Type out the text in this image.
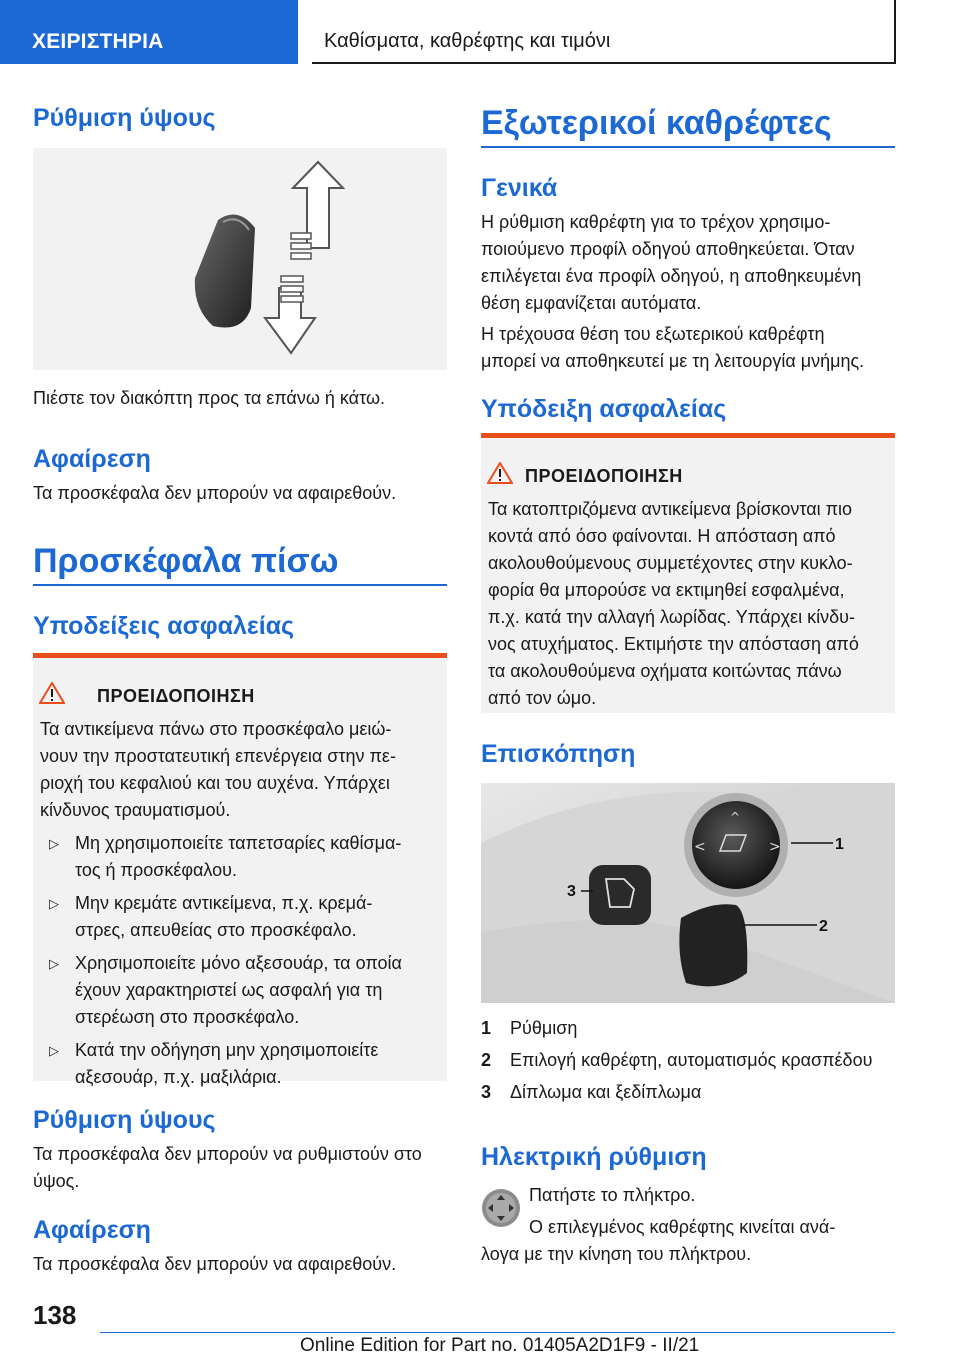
ΧΕΙΡΙΣΤΗΡΙΑ	Καθίσματα, καθρέφτης και τιμόνι
Ρύθμιση ύψους
Πιέστε τον διακόπτη προς τα επάνω ή κάτω.
Αφαίρεση
Τα προσκέφαλα δεν μπορούν να αφαιρεθούν.
Προσκέφαλα πίσω
Υποδείξεις ασφαλείας
ΠΡΟΕΙΔΟΠΟΙΗΣΗ
Τα αντικείμενα πάνω στο προσκέφαλο μειώ-
νουν την προστατευτική επενέργεια στην πε-
ριοχή του κεφαλιού και του αυχένα. Υπάρχει
κίνδυνος τραυματισμού.
▷ Μη χρησιμοποιείτε ταπετσαρίες καθίσμα-
τος ή προσκέφαλου.
▷ Μην κρεμάτε αντικείμενα, π.χ. κρεμά-
στρες, απευθείας στο προσκέφαλο.
▷ Χρησιμοποιείτε μόνο αξεσουάρ, τα οποία
έχουν χαρακτηριστεί ως ασφαλή για τη
στερέωση στο προσκέφαλο.
▷ Κατά την οδήγηση μην χρησιμοποιείτε
αξεσουάρ, π.χ. μαξιλάρια.
Ρύθμιση ύψους
Τα προσκέφαλα δεν μπορούν να ρυθμιστούν στο
ύψος.
Αφαίρεση
Τα προσκέφαλα δεν μπορούν να αφαιρεθούν.
Εξωτερικοί καθρέφτες
Γενικά
Η ρύθμιση καθρέφτη για το τρέχον χρησιμο-
ποιούμενο προφίλ οδηγού αποθηκεύεται. Όταν
επιλέγεται ένα προφίλ οδηγού, η αποθηκευμένη
θέση εμφανίζεται αυτόματα.
Η τρέχουσα θέση του εξωτερικού καθρέφτη
μπορεί να αποθηκευτεί με τη λειτουργία μνήμης.
Υπόδειξη ασφαλείας
ΠΡΟΕΙΔΟΠΟΙΗΣΗ
Τα κατοπτριζόμενα αντικείμενα βρίσκονται πιο
κοντά από όσο φαίνονται. Η απόσταση από
ακολουθούμενους συμμετέχοντες στην κυκλο-
φορία θα μπορούσε να εκτιμηθεί εσφαλμένα,
π.χ. κατά την αλλαγή λωρίδας. Υπάρχει κίνδυ-
νος ατυχήματος. Εκτιμήστε την απόσταση από
τα ακολουθούμενα οχήματα κοιτώντας πάνω
από τον ώμο.
Επισκόπηση
<	>
^
1
2
3
1 Ρύθμιση
2 Επιλογή καθρέφτη, αυτοματισμός κρασπέδου
3 Δίπλωμα και ξεδίπλωμα
Ηλεκτρική ρύθμιση
Πατήστε το πλήκτρο.
Ο επιλεγμένος καθρέφτης κινείται ανά-
λογα με την κίνηση του πλήκτρου.
138
Online Edition for Part no. 01405A2D1F9 - II/21
